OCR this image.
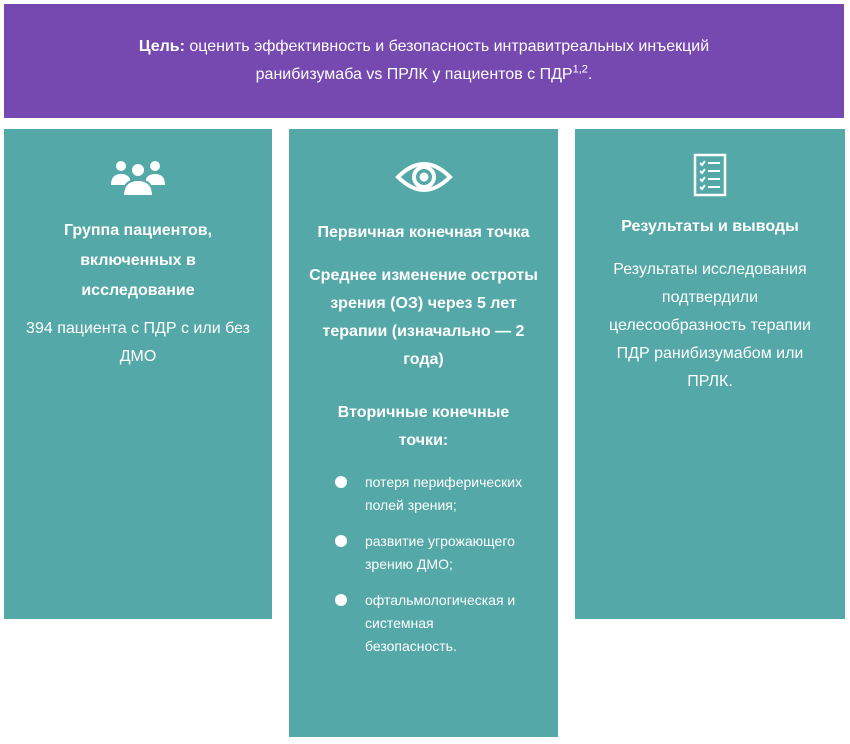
Цель: оценить эффективность и безопасность интравитреальных инъекций ранибизумаба vs ПРЛК у пациентов с ПДР$^{1,2}$.
Группа пациентов, включенных в исследование
394 пациента с ПДР с или без ДМО
Первичная конечная точка
Среднее изменение остроты зрения (ОЗ) через 5 лет терапии (изначально — 2 года)
Вторичные конечные точки:
потеря периферических полей зрения;
развитие угрожающего зрению ДМО;
офтальмологическая и системная безопасность.
Результаты и выводы
Результаты исследования подтвердили целесообразность терапии ПДР ранибизумабом или ПРЛК.
